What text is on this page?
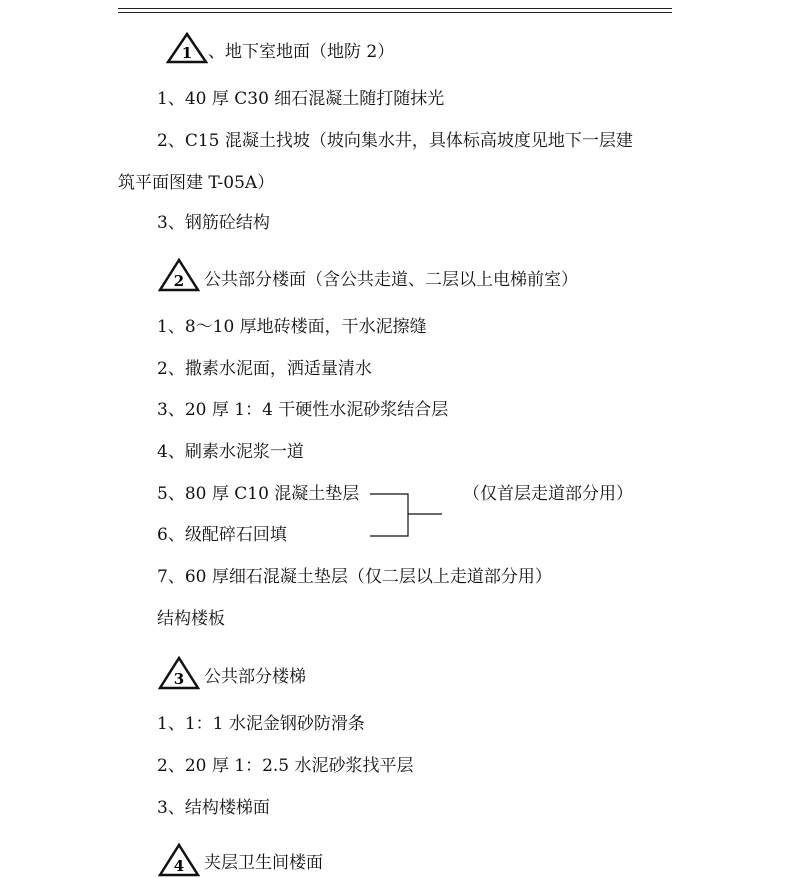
1 、地下室地面（地防 2）
1、40 厚 C30 细石混凝土随打随抹光
2、C15 混凝土找坡（坡向集水井，具体标高坡度见地下一层建
筑平面图建 T-05A）
3、钢筋砼结构
2 公共部分楼面（含公共走道、二层以上电梯前室）
1、8～10 厚地砖楼面，干水泥擦缝
2、撒素水泥面，洒适量清水
3、20 厚 1：4 干硬性水泥砂浆结合层
4、刷素水泥浆一道
5、80 厚 C10 混凝土垫层
6、级配碎石回填
7、60 厚细石混凝土垫层（仅二层以上走道部分用）
结构楼板
（仅首层走道部分用）
3 公共部分楼梯
1、1：1 水泥金钢砂防滑条
2、20 厚 1：2.5 水泥砂浆找平层
3、结构楼梯面
4 夹层卫生间楼面
